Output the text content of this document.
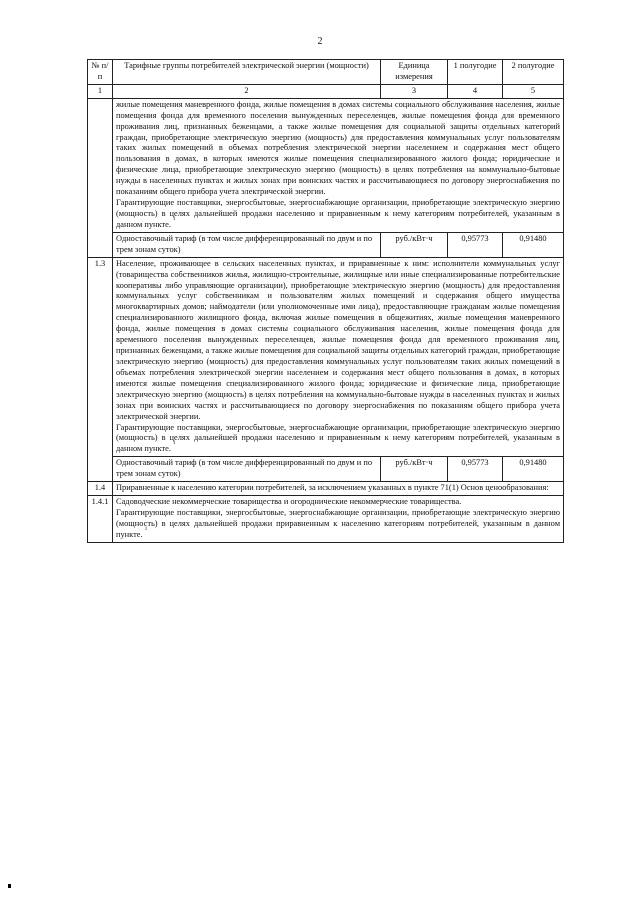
2
№ п/п	Тарифные группы потребителей электрической энергии (мощности)	Единица измерения	1 полугодие	2 полугодие
1	2	3	4	5

	жилые помещения маневренного фонда, жилые помещения в домах системы социального обслуживания населения, жилые помещения фонда для временного поселения вынужденных переселенцев, жилые помещения фонда для временного проживания лиц, признанных беженцами, а также жилые помещения для социальной защиты отдельных категорий граждан, приобретающие электрическую энергию (мощность) для предоставления коммунальных услуг пользователям таких жилых помещений в объемах потребления электрической энергии населением и содержания мест общего пользования в домах, в которых имеются жилые помещения специализированного жилого фонда; юридические и физические лица, приобретающие электрическую энергию (мощность) в целях потребления на коммунально-бытовые нужды в населенных пунктах и жилых зонах при воинских частях и рассчитывающиеся по договору энергоснабжения по показаниям общего прибора учета электрической энергии.

Гарантирующие поставщики, энергосбытовые, энергоснабжающие организации, приобретающие электрическую энергию (мощность) в целях дальнейшей продажи населению и приравненным к нему категориям потребителей, указанным в данном пункте. $^1$

	Одноставочный тариф (в том числе дифференцированный по двум и по трем зонам суток)	руб./кВт·ч	0,95773	0,91480
1.3	Население, проживающее в сельских населенных пунктах, и приравненные к ним: исполнители коммунальных услуг (товарищества собственников жилья, жилищно-строительные, жилищные или иные специализированные потребительские кооперативы либо управляющие организации), приобретающие электрическую энергию (мощность) для предоставления коммунальных услуг собственникам и пользователям жилых помещений и содержания общего имущества многоквартирных домов; наймодатели (или уполномоченные ими лица), предоставляющие гражданам жилые помещения специализированного жилищного фонда, включая жилые помещения в общежитиях, жилые помещения маневренного фонда, жилые помещения в домах системы социального обслуживания населения, жилые помещения фонда для временного поселения вынужденных переселенцев, жилые помещения фонда для временного проживания лиц, признанных беженцами, а также жилые помещения для социальной защиты отдельных категорий граждан, приобретающие электрическую энергию (мощность) для предоставления коммунальных услуг пользователям таких жилых помещений в объемах потребления электрической энергии населением и содержания мест общего пользования в домах, в которых имеются жилые помещения специализированного жилого фонда; юридические и физические лица, приобретающие электрическую энергию (мощность) в целях потребления на коммунально-бытовые нужды в населенных пунктах и жилых зонах при воинских частях и рассчитывающиеся по договору энергоснабжения по показаниям общего прибора учета электрической энергии.

Гарантирующие поставщики, энергосбытовые, энергоснабжающие организации, приобретающие электрическую энергию (мощность) в целях дальнейшей продажи населению и приравненным к нему категориям потребителей, указанным в данном пункте. $^1$

	Одноставочный тариф (в том числе дифференцированный по двум и по трем зонам суток)	руб./кВт·ч	0,95773	0,91480
1.4	Приравненные к населению категории потребителей, за исключением указанных в пункте 71(1) Основ ценообразования:			

1.4.1	Садоводческие некоммерческие товарищества и огороднические некоммерческие товарищества.

Гарантирующие поставщики, энергосбытовые, энергоснабжающие организации, приобретающие электрическую энергию (мощность) в целях дальнейшей продажи приравненным к населению категориям потребителей, указанным в данном пункте. $^1$
